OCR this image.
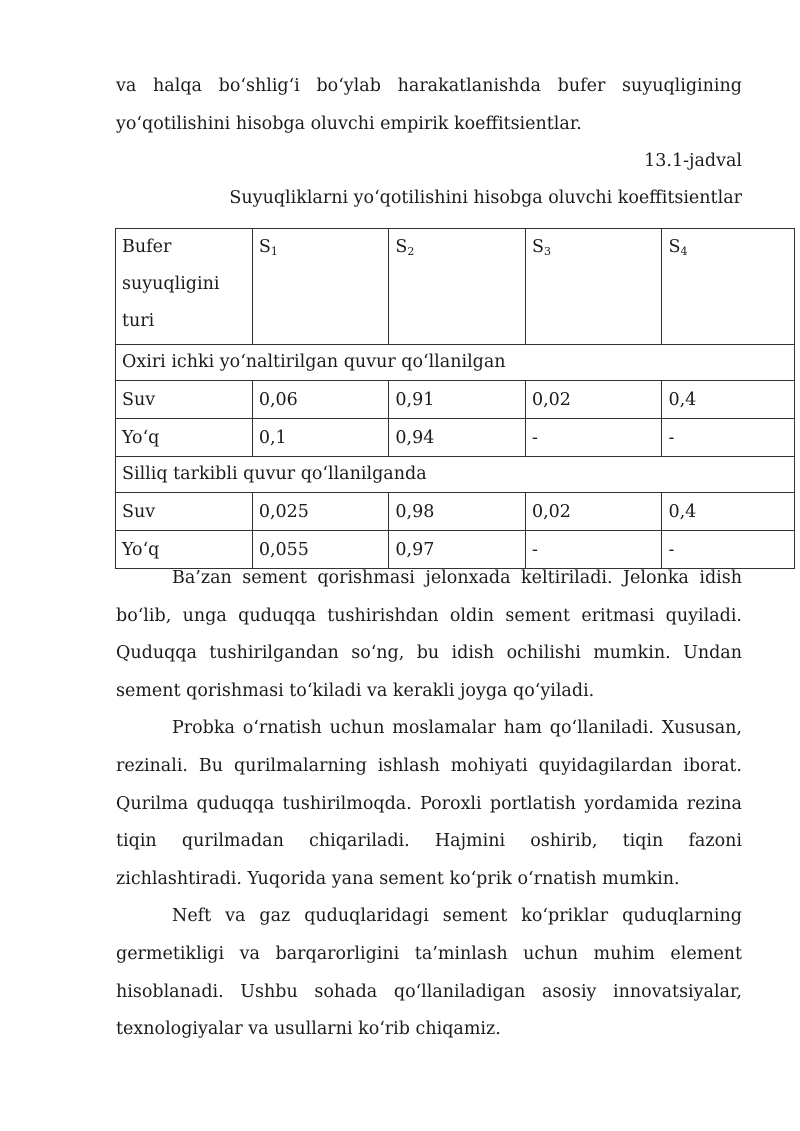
va halqa bo‘shlig‘i bo‘ylab harakatlanishda bufer suyuqligining yo‘qotilishini hisobga oluvchi empirik koeffitsientlar.

13.1-jadval

Suyuqliklarni yo‘qotilishini hisobga oluvchi koeffitsientlar

Bufer suyuqligini turi	$S_1$	$S_2$	$S_3$	$S_4$
Oxiri ichki yo‘naltirilgan quvur qo‘llanilgan				
Suv	0,06	0,91	0,02	0,4
Yo‘q	0,1	0,94	-	-
Silliq tarkibli quvur qo‘llanilganda				
Suv	0,025	0,98	0,02	0,4
Yo‘q	0,055	0,97	-	-

Ba’zan sement qorishmasi jelonxada keltiriladi. Jelonka idish bo‘lib, unga quduqqa tushirishdan oldin sement eritmasi quyiladi. Quduqqa tushirilgandan so‘ng, bu idish ochilishi mumkin. Undan sement qorishmasi to‘kiladi va kerakli joyga qo‘yiladi.

Probka o‘rnatish uchun moslamalar ham qo‘llaniladi. Xususan, rezinali. Bu qurilmalarning ishlash mohiyati quyidagilardan iborat. Qurilma quduqqa tushirilmoqda. Poroxli portlatish yordamida rezina tiqin qurilmadan chiqariladi. Hajmini oshirib, tiqin fazoni zichlashtiradi. Yuqorida yana sement ko‘prik o‘rnatish mumkin.

Neft va gaz quduqlaridagi sement ko‘priklar quduqlarning germetikligi va barqarorligini ta’minlash uchun muhim element hisoblanadi. Ushbu sohada qo‘llaniladigan asosiy innovatsiyalar, texnologiyalar va usullarni ko‘rib chiqamiz.
